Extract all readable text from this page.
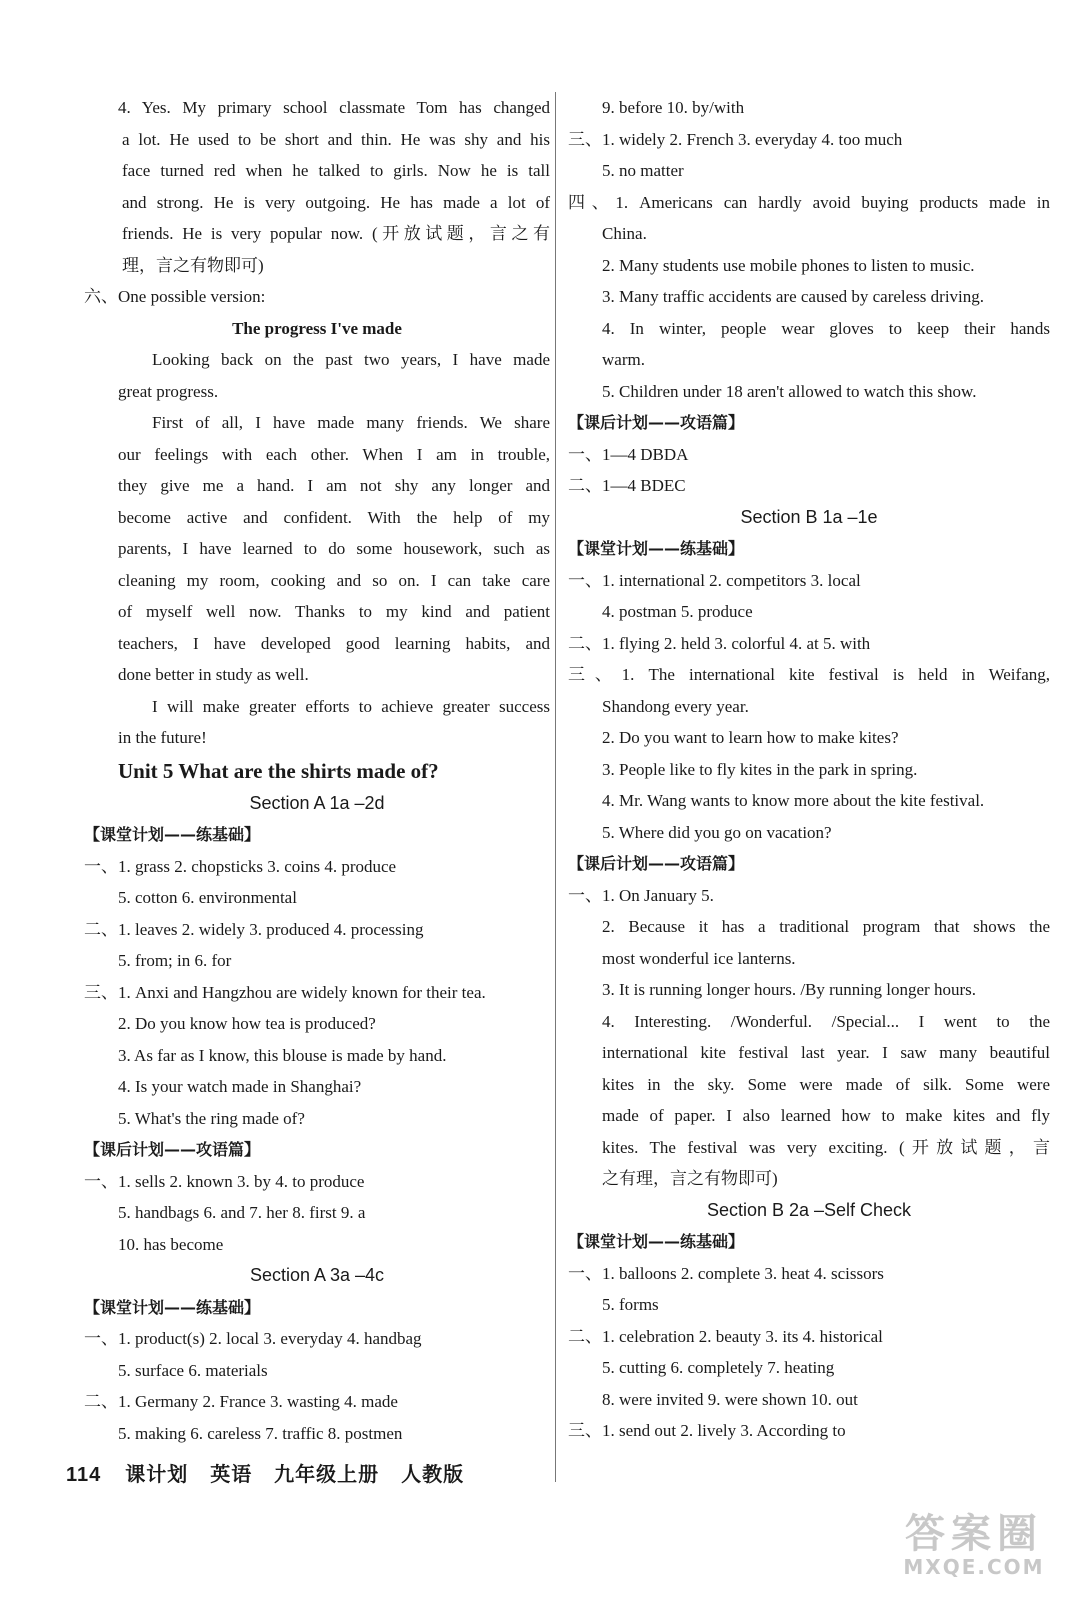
4. Yes. My primary school classmate Tom has changed
a lot. He used to be short and thin. He was shy and his
face turned red when he talked to girls. Now he is tall
and strong. He is very outgoing. He has made a lot of
friends. He is very popular now. (开放试题，言之有
理，言之有物即可)
六、One possible version:
The progress I've made
Looking back on the past two years, I have made
great progress.
First of all, I have made many friends. We share
our feelings with each other. When I am in trouble,
they give me a hand. I am not shy any longer and
become active and confident. With the help of my
parents, I have learned to do some housework, such as
cleaning my room, cooking and so on. I can take care
of myself well now. Thanks to my kind and patient
teachers, I have developed good learning habits, and
done better in study as well.
I will make greater efforts to achieve greater success
in the future!
Unit 5 What are the shirts made of?
Section A 1a –2d
【课堂计划——练基础】
一、1. grass 2. chopsticks 3. coins 4. produce
5. cotton 6. environmental
二、1. leaves 2. widely 3. produced 4. processing
5. from; in 6. for
三、1. Anxi and Hangzhou are widely known for their tea.
2. Do you know how tea is produced?
3. As far as I know, this blouse is made by hand.
4. Is your watch made in Shanghai?
5. What's the ring made of?
【课后计划——攻语篇】
一、1. sells 2. known 3. by 4. to produce
5. handbags 6. and 7. her 8. first 9. a
10. has become
Section A 3a –4c
【课堂计划——练基础】
一、1. product(s) 2. local 3. everyday 4. handbag
5. surface 6. materials
二、1. Germany 2. France 3. wasting 4. made
5. making 6. careless 7. traffic 8. postmen
9. before 10. by/with
三、1. widely 2. French 3. everyday 4. too much
5. no matter
四、1. Americans can hardly avoid buying products made in
China.
2. Many students use mobile phones to listen to music.
3. Many traffic accidents are caused by careless driving.
4. In winter, people wear gloves to keep their hands
warm.
5. Children under 18 aren't allowed to watch this show.
【课后计划——攻语篇】
一、1—4 DBDA
二、1—4 BDEC
Section B 1a –1e
【课堂计划——练基础】
一、1. international 2. competitors 3. local
4. postman 5. produce
二、1. flying 2. held 3. colorful 4. at 5. with
三、1. The international kite festival is held in Weifang,
Shandong every year.
2. Do you want to learn how to make kites?
3. People like to fly kites in the park in spring.
4. Mr. Wang wants to know more about the kite festival.
5. Where did you go on vacation?
【课后计划——攻语篇】
一、1. On January 5.
2. Because it has a traditional program that shows the
most wonderful ice lanterns.
3. It is running longer hours. /By running longer hours.
4. Interesting. /Wonderful. /Special... I went to the
international kite festival last year. I saw many beautiful
kites in the sky. Some were made of silk. Some were
made of paper. I also learned how to make kites and fly
kites. The festival was very exciting. (开放试题，言
之有理，言之有物即可)
Section B 2a –Self Check
【课堂计划——练基础】
一、1. balloons 2. complete 3. heat 4. scissors
5. forms
二、1. celebration 2. beauty 3. its 4. historical
5. cutting 6. completely 7. heating
8. were invited 9. were shown 10. out
三、1. send out 2. lively 3. According to
114 课计划 英语 九年级上册 人教版
答案圈
MXQE.COM
